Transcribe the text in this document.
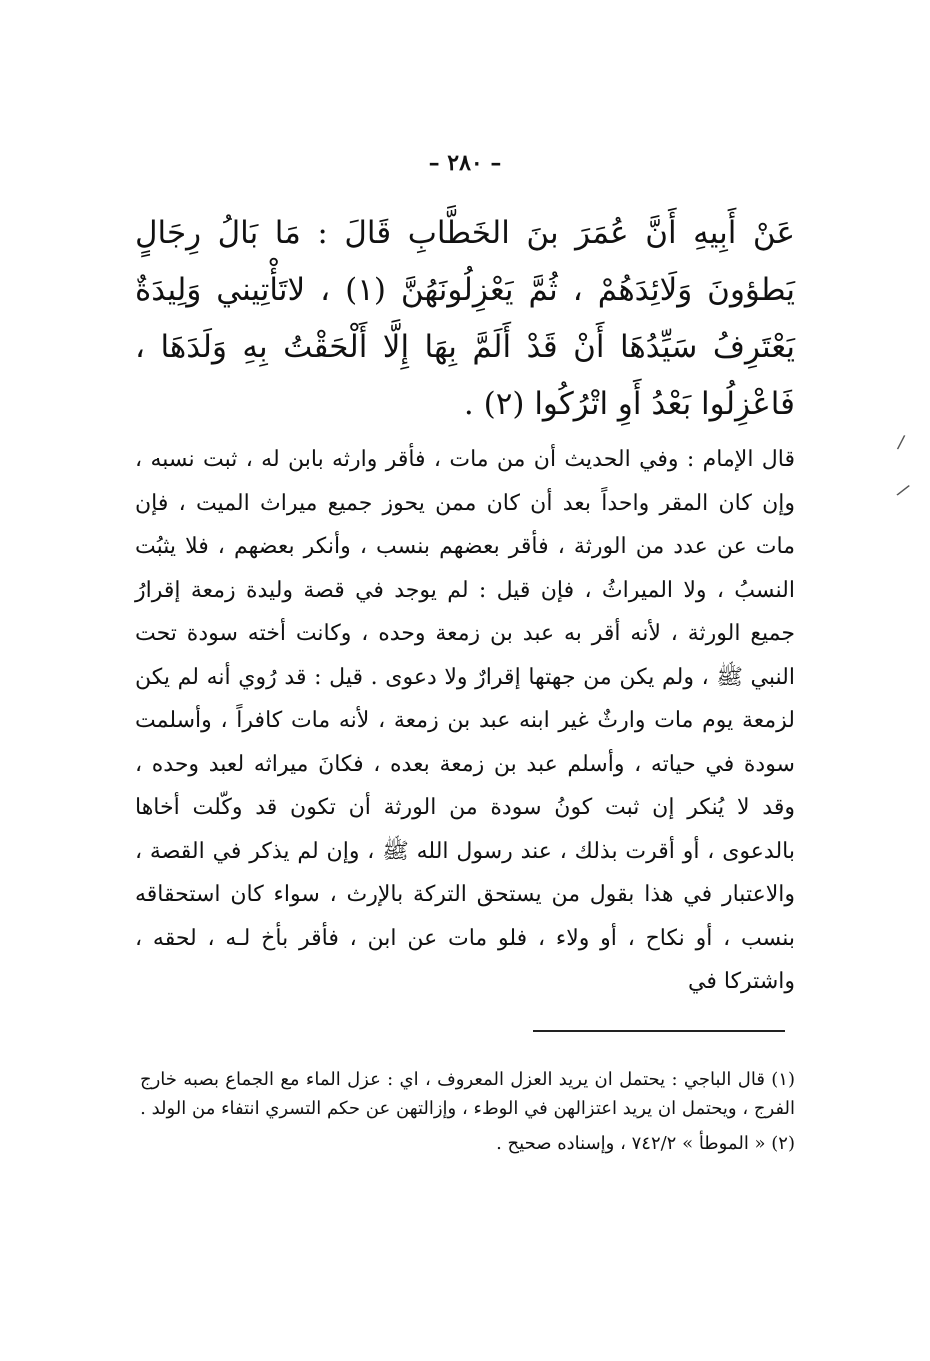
– ٢٨٠ –

عَنْ أَبِيهِ أَنَّ عُمَرَ بنَ الخَطَّابِ قَالَ : مَا بَالُ رِجَالٍ يَطؤونَ وَلَائِدَهُمْ ، ثُمَّ يَعْزِلُونَهُنَّ (١) ، لاتَأْتِيني وَلِيدَةٌ يَعْتَرِفُ سَيِّدُهَا أَنْ قَدْ أَلَمَّ بِهَا إِلَّا أَلْحَقْتُ بِهِ وَلَدَهَا ، فَاعْزِلُوا بَعْدُ أَوِ اتْرُكُوا (٢) .

قال الإمام : وفي الحديث أن من مات ، فأقر وارثه بابن له ، ثبت نسبه ، وإن كان المقر واحداً بعد أن كان ممن يحوز جميع ميراث الميت ، فإن مات عن عدد من الورثة ، فأقر بعضهم بنسب ، وأنكر بعضهم ، فلا يثبُت النسبُ ، ولا الميراثُ ، فإن قيل : لم يوجد في قصة وليدة زمعة إقرارُ جميع الورثة ، لأنه أقر به عبد بن زمعة وحده ، وكانت أخته سودة تحت النبي ﷺ ، ولم يكن من جهتها إقرارٌ ولا دعوى . قيل : قد رُوي أنه لم يكن لزمعة يوم مات وارثٌ غير ابنه عبد بن زمعة ، لأنه مات كافراً ، وأسلمت سودة في حياته ، وأسلم عبد بن زمعة بعده ، فكانَ ميراثه لعبد وحده ، وقد لا يُنكر إن ثبت كونُ سودة من الورثة أن تكون قد وكّلت أخاها بالدعوى ، أو أقرت بذلك ، عند رسول الله ﷺ ، وإن لم يذكر في القصة ، والاعتبار في هذا بقول من يستحق التركة بالإرث ، سواء كان استحقاقه بنسب ، أو نكاح ، أو ولاء ، فلو مات عن ابن ، فأقر بأخ لـه ، لحقه ، واشتركا في

(١) قال الباجي : يحتمل ان يريد العزل المعروف ، اي : عزل الماء مع الجماع بصبه خارج الفرج ، ويحتمل ان يريد اعتزالهن في الوطء ، وإزالتهن عن حكم التسري انتفاء من الولد .

(٢) « الموطأ » ٧٤٢/٢ ، وإسناده صحيح .

/
/
